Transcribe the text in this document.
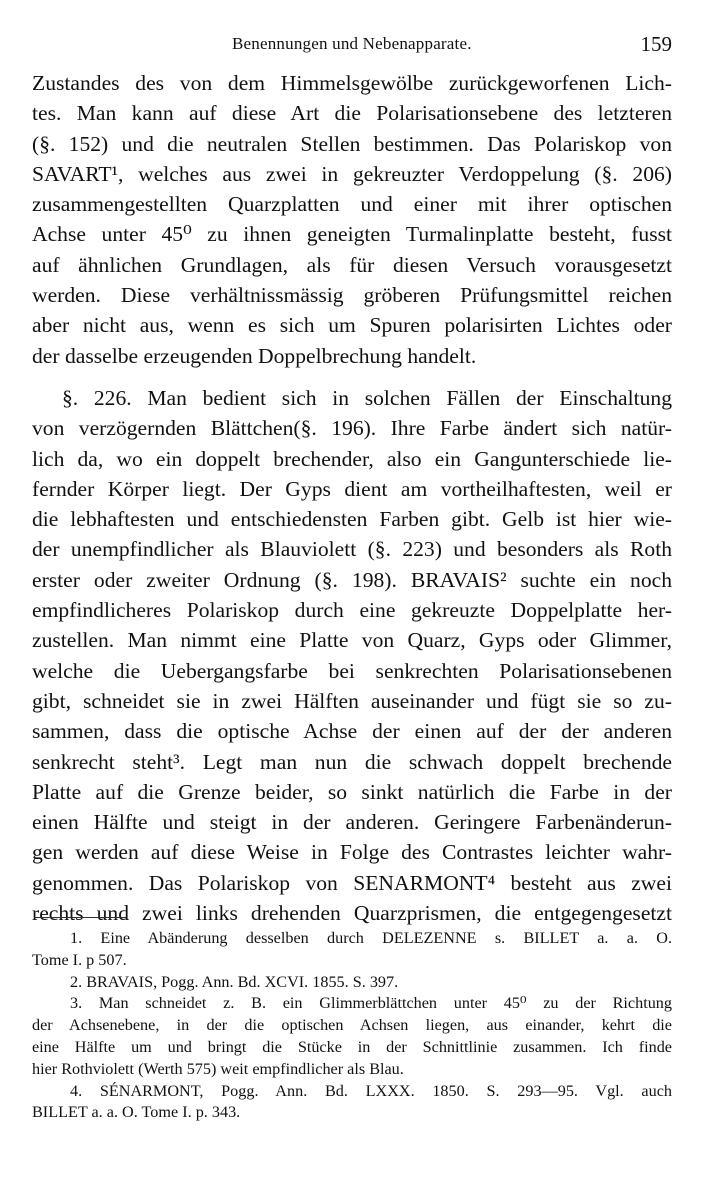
Benennungen und Nebenapparate.	159
Zustandes des von dem Himmelsgewölbe zurückgeworfenen Lich-
tes. Man kann auf diese Art die Polarisationsebene des letzteren
(§. 152) und die neutralen Stellen bestimmen. Das Polariskop von
SAVART¹, welches aus zwei in gekreuzter Verdoppelung (§. 206)
zusammengestellten Quarzplatten und einer mit ihrer optischen
Achse unter 45⁰ zu ihnen geneigten Turmalinplatte besteht, fusst
auf ähnlichen Grundlagen, als für diesen Versuch vorausgesetzt
werden. Diese verhältnissmässig gröberen Prüfungsmittel reichen
aber nicht aus, wenn es sich um Spuren polarisirten Lichtes oder
der dasselbe erzeugenden Doppelbrechung handelt.
§. 226. Man bedient sich in solchen Fällen der Einschaltung
von verzögernden Blättchen(§. 196). Ihre Farbe ändert sich natür-
lich da, wo ein doppelt brechender, also ein Gangunterschiede lie-
fernder Körper liegt. Der Gyps dient am vortheilhaftesten, weil er
die lebhaftesten und entschiedensten Farben gibt. Gelb ist hier wie-
der unempfindlicher als Blauviolett (§. 223) und besonders als Roth
erster oder zweiter Ordnung (§. 198). BRAVAIS² suchte ein noch
empfindlicheres Polariskop durch eine gekreuzte Doppelplatte her-
zustellen. Man nimmt eine Platte von Quarz, Gyps oder Glimmer,
welche die Uebergangsfarbe bei senkrechten Polarisationsebenen
gibt, schneidet sie in zwei Hälften auseinander und fügt sie so zu-
sammen, dass die optische Achse der einen auf der der anderen
senkrecht steht³. Legt man nun die schwach doppelt brechende
Platte auf die Grenze beider, so sinkt natürlich die Farbe in der
einen Hälfte und steigt in der anderen. Geringere Farbenänderun-
gen werden auf diese Weise in Folge des Contrastes leichter wahr-
genommen. Das Polariskop von SENARMONT⁴ besteht aus zwei
rechts und zwei links drehenden Quarzprismen, die entgegengesetzt
1. Eine Abänderung desselben durch DELEZENNE s. BILLET a. a. O.
Tome I. p 507.
2. BRAVAIS, Pogg. Ann. Bd. XCVI. 1855. S. 397.
3. Man schneidet z. B. ein Glimmerblättchen unter 45⁰ zu der Richtung
der Achsenebene, in der die optischen Achsen liegen, aus einander, kehrt die
eine Hälfte um und bringt die Stücke in der Schnittlinie zusammen. Ich finde
hier Rothviolett (Werth 575) weit empfindlicher als Blau.
4. SÉNARMONT, Pogg. Ann. Bd. LXXX. 1850. S. 293—95. Vgl. auch
BILLET a. a. O. Tome I. p. 343.
